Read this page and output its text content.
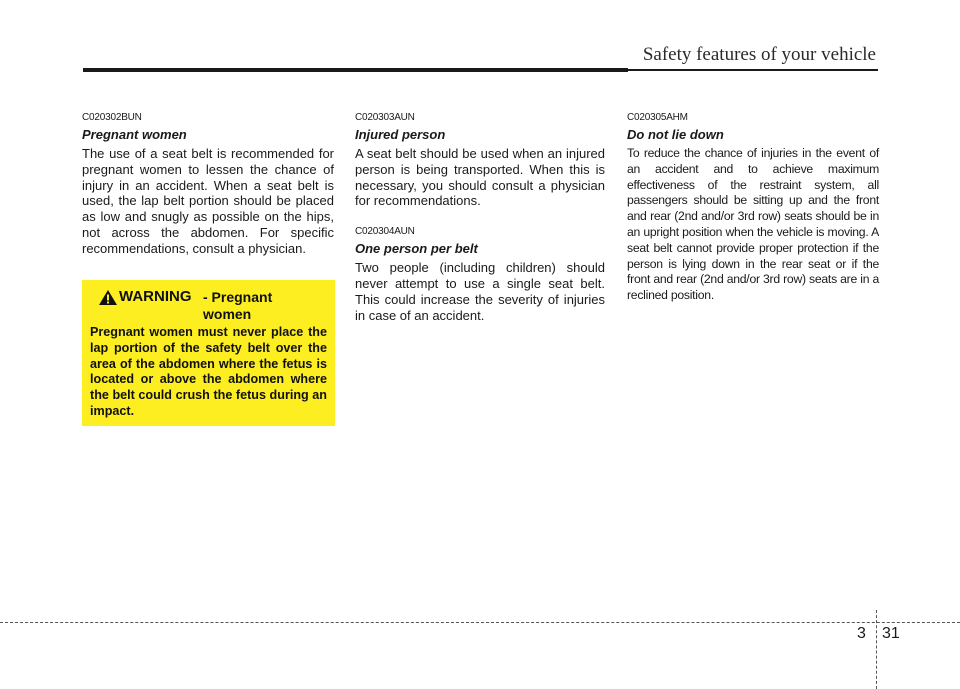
Safety features of your vehicle

C020302BUN

Pregnant women

The use of a seat belt is recommended for pregnant women to lessen the chance of injury in an accident. When a seat belt is used, the lap belt portion should be placed as low and snugly as possible on the hips, not across the abdomen. For specific recommendations, consult a physician.

WARNING - Pregnant women

Pregnant women must never place the lap portion of the safety belt over the area of the abdomen where the fetus is located or above the abdomen where the belt could crush the fetus during an impact.

C020303AUN

Injured person

A seat belt should be used when an injured person is being transported. When this is necessary, you should consult a physician for recommendations.

C020304AUN

One person per belt

Two people (including children) should never attempt to use a single seat belt. This could increase the severity of injuries in case of an accident.

C020305AHM

Do not lie down

To reduce the chance of injuries in the event of an accident and to achieve maximum effectiveness of the restraint system, all passengers should be sitting up and the front and rear (2nd and/or 3rd row) seats should be in an upright position when the vehicle is moving. A seat belt cannot provide proper protection if the person is lying down in the rear seat or if the front and rear (2nd and/or 3rd row) seats are in a reclined position.

3 31
